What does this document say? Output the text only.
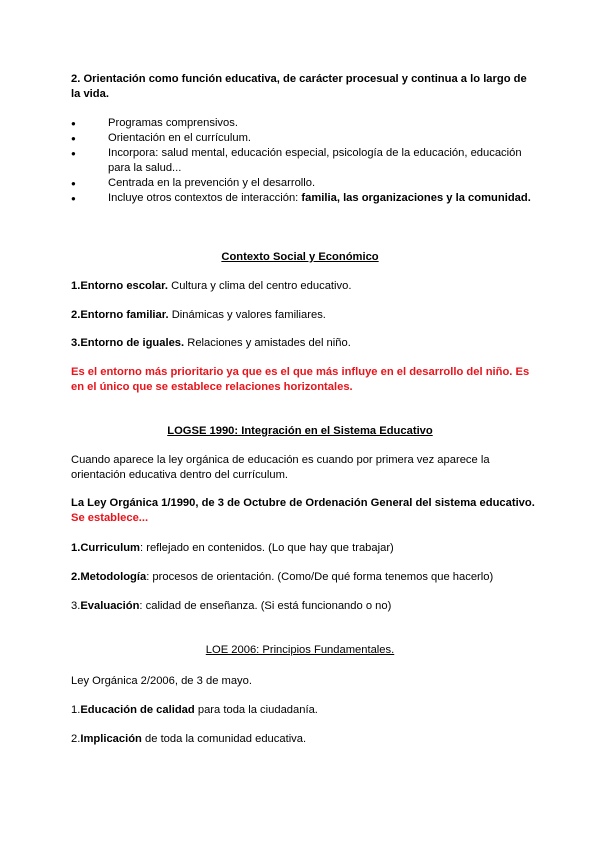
2. Orientación como función educativa, de carácter procesual y continua a lo largo de la vida.
● Programas comprensivos.
● Orientación en el currículum.
● Incorpora: salud mental, educación especial, psicología de la educación, educación para la salud...
● Centrada en la prevención y el desarrollo.
● Incluye otros contextos de interacción: familia, las organizaciones y la comunidad.
Contexto Social y Económico
1.Entorno escolar. Cultura y clima del centro educativo.
2.Entorno familiar. Dinámicas y valores familiares.
3.Entorno de iguales. Relaciones y amistades del niño.
Es el entorno más prioritario ya que es el que más influye en el desarrollo del niño. Es en el único que se establece relaciones horizontales.
LOGSE 1990: Integración en el Sistema Educativo
Cuando aparece la ley orgánica de educación es cuando por primera vez aparece la orientación educativa dentro del currículum.
La Ley Orgánica 1/1990, de 3 de Octubre de Ordenación General del sistema educativo. Se establece...
1.Curriculum: reflejado en contenidos. (Lo que hay que trabajar)
2.Metodología: procesos de orientación. (Como/De qué forma tenemos que hacerlo)
3.Evaluación: calidad de enseñanza. (Si está funcionando o no)
LOE 2006: Principios Fundamentales.
Ley Orgánica 2/2006, de 3 de mayo.
1.Educación de calidad para toda la ciudadanía.
2.Implicación de toda la comunidad educativa.
